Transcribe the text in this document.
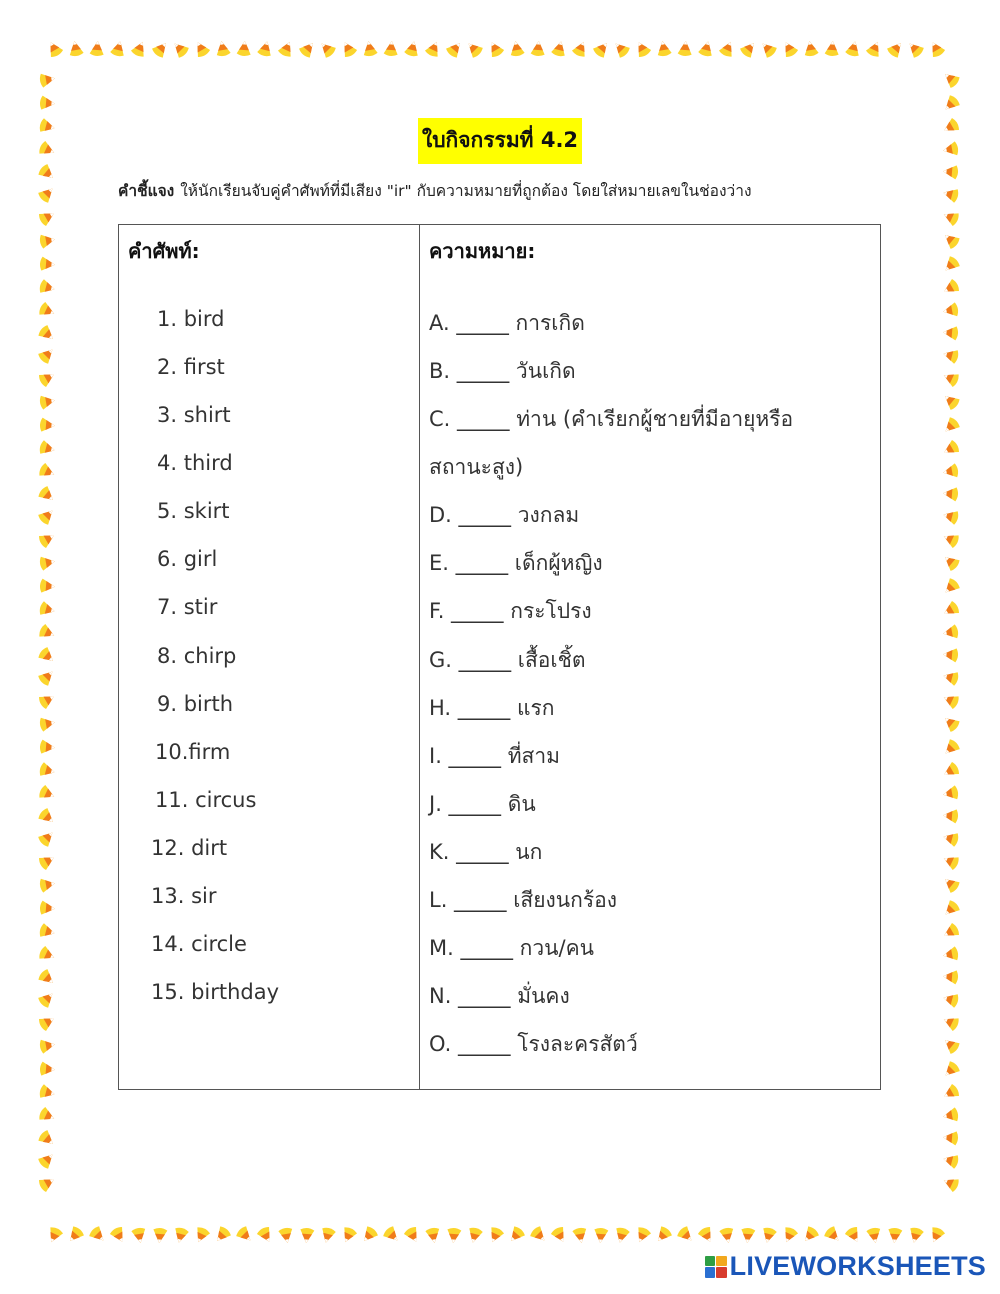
ใบกิจกรรมที่ 4.2
คำชี้แจง ให้นักเรียนจับคู่คำศัพท์ที่มีเสียง "ir" กับความหมายที่ถูกต้อง โดยใส่หมายเลขในช่องว่าง
คำศัพท์:	ความหมาย:
1. bird
2. first
3. shirt
4. third
5. skirt
6. girl
7. stir
8. chirp
9. birth
10.firm
11. circus
12. dirt
13. sir
14. circle
15. birthday
A. _____ การเกิด
B. _____ วันเกิด
C. _____ ท่าน (คำเรียกผู้ชายที่มีอายุหรือ
สถานะสูง)
D. _____ วงกลม
E. _____ เด็กผู้หญิง
F. _____ กระโปรง
G. _____ เสื้อเชิ้ต
H. _____ แรก
I. _____ ที่สาม
J. _____ ดิน
K. _____ นก
L. _____ เสียงนกร้อง
M. _____ กวน/คน
N. _____ มั่นคง
O. _____ โรงละครสัตว์
LIVEWORKSHEETS
